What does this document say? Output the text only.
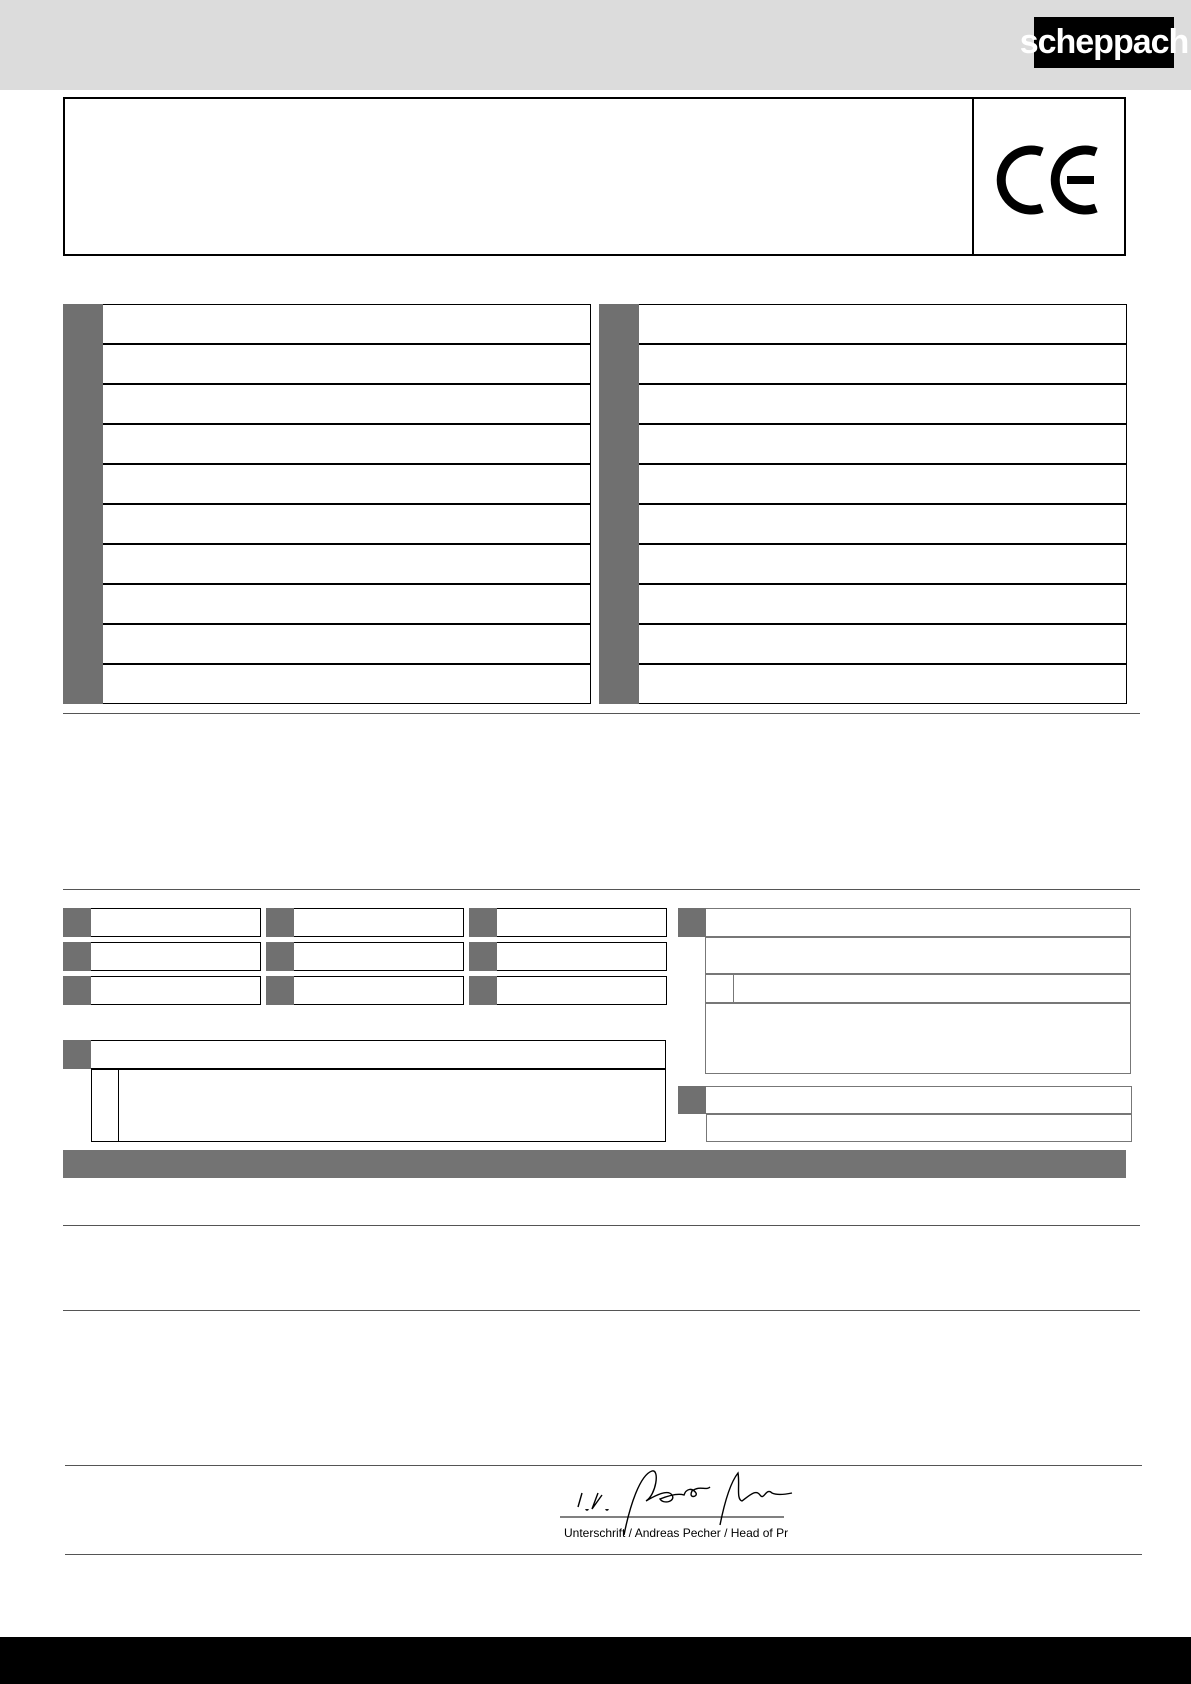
scheppach
Unterschrift / Andreas Pecher / Head of Pr
